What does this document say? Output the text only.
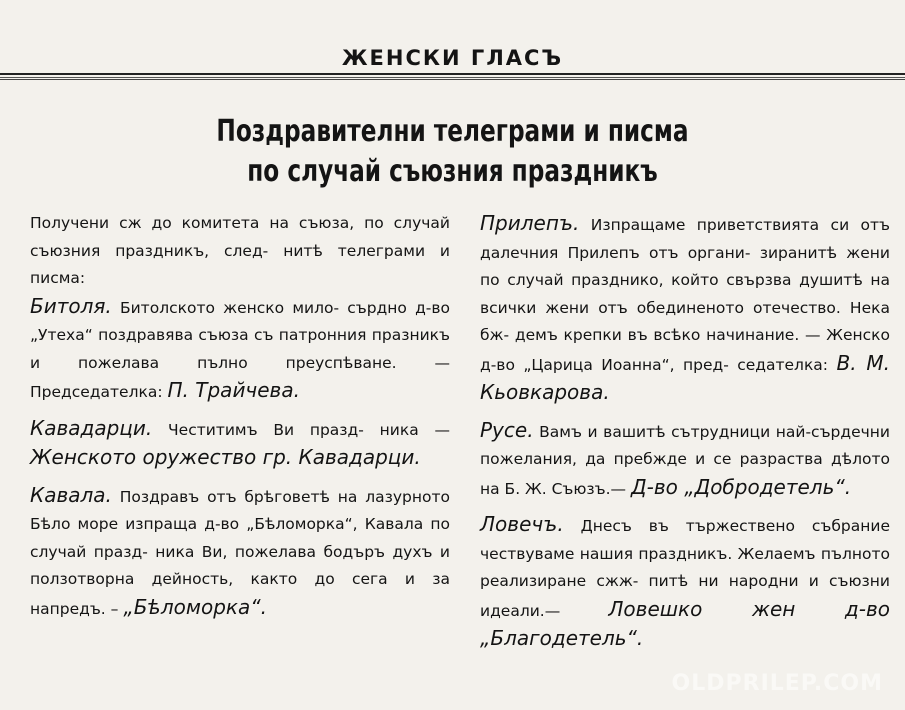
ЖЕНСКИ ГЛАСЪ
Поздравителни телеграми и писма
по случай съюзния праздникъ

Получени сж до комитета на съюза, по случай съюзния праздникъ, след- нитѣ телеграми и писма:

Битоля. Битолското женско мило- сърдно д-во „Утеха“ поздравява съюза съ патронния празникъ и пожелава пълно преуспѣване. — Председателка: П. Трайчева.

Кавадарци. Честитимъ Ви празд- ника — Женското оружество гр. Кавадарци.

Кавала. Поздравъ отъ брѣговетѣ на лазурното Бѣло море изпраща д-во „Бѣломорка“, Кавала по случай празд- ника Ви, пожелава бодъръ духъ и ползотворна дейность, както до сега и за напредъ. – „Бѣломорка“.

Прилепъ. Изпращаме приветствията си отъ далечния Прилепъ отъ органи- зиранитѣ жени по случай празднико, който свързва душитѣ на всички жени отъ обединеното отечество. Нека бж- демъ крепки въ всѣко начинание. — Женско д-во „Царица Иоанна“, пред- седателка: В. М. Кьовкарова.

Русе. Вамъ и вашитѣ сътрудници най-сърдечни пожелания, да пребжде и се разраства дѣлото на Б. Ж. Съюзъ.— Д-во „Добродетель“.

Ловечъ. Днесъ въ тържествено събрание чествуваме нашия праздникъ. Желаемъ пълното реализиране сжж- питѣ ни народни и съюзни идеали.— Ловешко жен д-во „Благодетель“.

OLDPRILEP.COM
